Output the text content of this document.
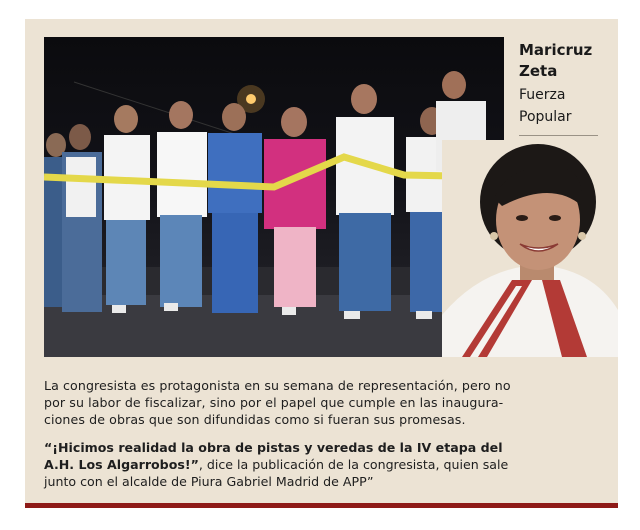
Maricruz Zeta

Fuerza Popular

La congresista es protagonista en su semana de representación, pero no por su labor de fiscalizar, sino por el papel que cumple en las inaugura-ciones de obras que son difundidas como si fueran sus promesas.

“¡Hicimos realidad la obra de pistas y veredas de la IV etapa del A.H. Los Algarrobos!”, dice la publicación de la congresista, quien sale junto con el alcalde de Piura Gabriel Madrid de APP”
